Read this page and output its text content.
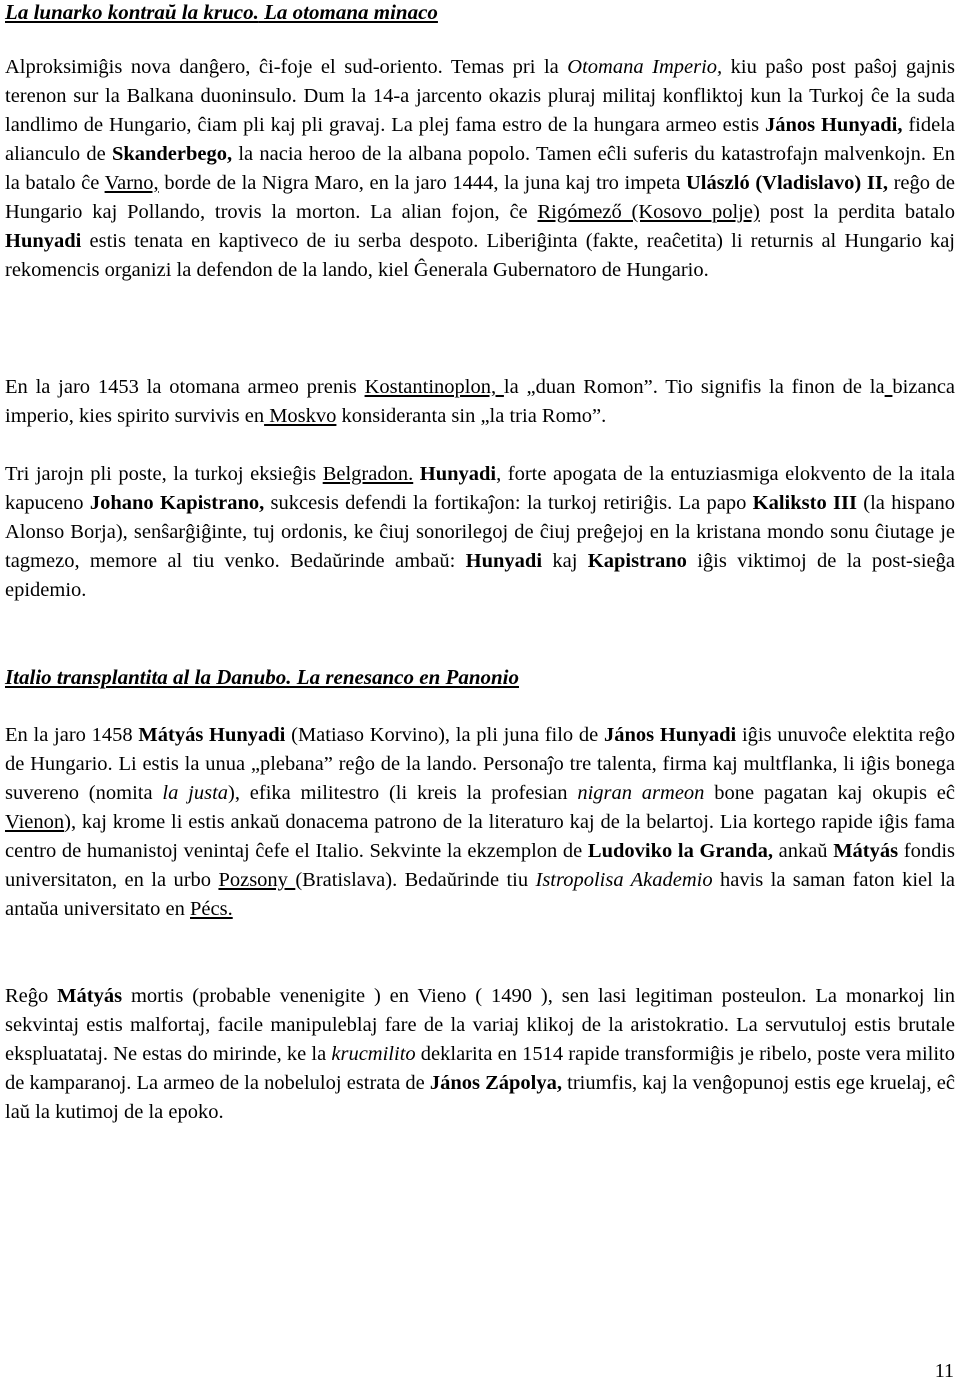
La lunarko kontraŭ la kruco. La otomana minaco

Alproksimiĝis nova danĝero, ĉi-foje el sud-oriento. Temas pri la Otomana Imperio, kiu paŝo post paŝoj gajnis terenon sur la Balkana duoninsulo. Dum la 14-a jarcento okazis pluraj militaj konfliktoj kun la Turkoj ĉe la suda landlimo de Hungario, ĉiam pli kaj pli gravaj. La plej fama estro de la hungara armeo estis János Hunyadi, fidela alianculo de Skanderbego, la nacia heroo de la albana popolo. Tamen eĉli suferis du katastrofajn malvenkojn. En la batalo ĉe Varno, borde de la Nigra Maro, en la jaro 1444, la juna kaj tro impeta Ulászló (Vladislavo) II, reĝo de Hungario kaj Pollando, trovis la morton. La alian fojon, ĉe Rigómező (Kosovo polje) post la perdita batalo Hunyadi estis tenata en kaptiveco de iu serba despoto. Liberiĝinta (fakte, reaĉetita) li returnis al Hungario kaj rekomencis organizi la defendon de la lando, kiel Ĝenerala Gubernatoro de Hungario.

En la jaro 1453 la otomana armeo prenis Kostantinoplon, la „duan Romon”. Tio signifis la finon de la bizanca imperio, kies spirito survivis en Moskvo konsideranta sin „la tria Romo”.

Tri jarojn pli poste, la turkoj eksieĝis Belgradon. Hunyadi, forte apogata de la entuziasmiga elokvento de la itala kapuceno Johano Kapistrano, sukcesis defendi la fortikaĵon: la turkoj retiriĝis. La papo Kalikstо III (la hispano Alonso Borja), senŝarĝiĝinte, tuj ordonis, ke ĉiuj sonorilegoj de ĉiuj preĝejoj en la kristana mondo sonu ĉiutage je tagmezo, memore al tiu venko. Bedaŭrinde ambaŭ: Hunyadi kaj Kapistrano iĝis viktimoj de la post-sieĝa epidemio.

Italio transplantita al la Danubo. La renesanco en Panonio

En la jaro 1458 Mátyás Hunyadi (Matiaso Korvino), la pli juna filo de János Hunyadi iĝis unuvoĉe elektita reĝo de Hungario. Li estis la unua „plebana” reĝo de la lando. Personaĵo tre talenta, firma kaj multflanka, li iĝis bonega suvereno (nomita la justa), efika militestro (li kreis la profesian nigran armeon bone pagatan kaj okupis eĉ Vienon), kaj krome li estis ankaŭ donacema patrono de la literaturo kaj de la belartoj. Lia kortego rapide iĝis fama centro de humanistoj venintaj ĉefe el Italio. Sekvinte la ekzemplon de Ludoviko la Granda, ankaŭ Mátyás fondis universitaton, en la urbo Pozsony (Bratislava). Bedaŭrinde tiu Istropolisa Akademio havis la saman faton kiel la antaŭa universitato en Pécs.

Reĝo Mátyás mortis (probable venenigite ) en Vieno ( 1490 ), sen lasi legitiman posteulon. La monarkoj lin sekvintaj estis malfortaj, facile manipuleblaj fare de la variaj klikoj de la aristokratio. La servutuloj estis brutale ekspluatataj. Ne estas do mirinde, ke la krucmilito deklarita en 1514 rapide transformiĝis je ribelo, poste vera milito de kamparanoj. La armeo de la nobeluloj estrata de János Zápolya, triumfis, kaj la venĝopunoj estis ege kruelaj, eĉ laŭ la kutimoj de la epoko.

11
